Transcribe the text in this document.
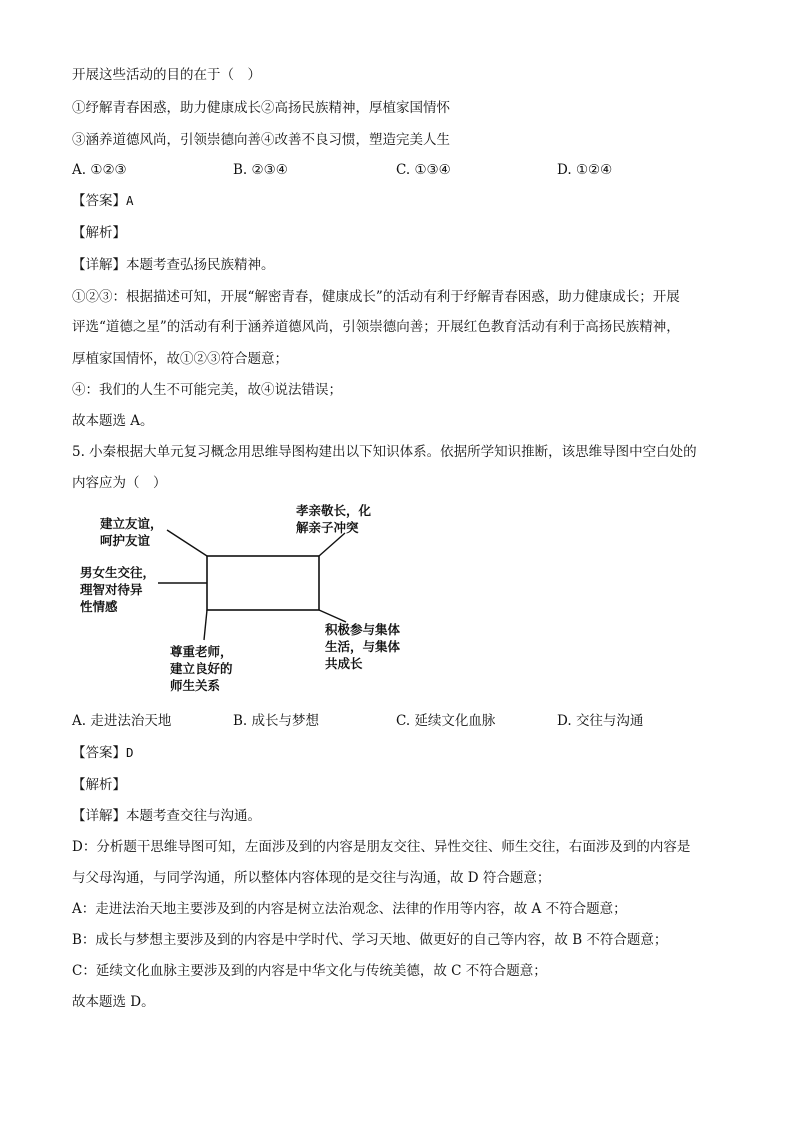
开展这些活动的目的在于（　）
①纾解青春困惑，助力健康成长②高扬民族精神，厚植家国情怀
③涵养道德风尚，引领崇德向善④改善不良习惯，塑造完美人生
A. ①②③	B. ②③④	C. ①③④	D. ①②④
【答案】A
【解析】
【详解】本题考查弘扬民族精神。
①②③：根据描述可知，开展“解密青春，健康成长”的活动有利于纾解青春困惑，助力健康成长；开展
评选“道德之星”的活动有利于涵养道德风尚，引领崇德向善；开展红色教育活动有利于高扬民族精神，
厚植家国情怀，故①②③符合题意；
④：我们的人生不可能完美，故④说法错误；
故本题选 A。
5. 小秦根据大单元复习概念用思维导图构建出以下知识体系。依据所学知识推断，该思维导图中空白处的
内容应为（　）
建立友谊，
呵护友谊
男女生交往，
理智对待异
性情感
尊重老师，
建立良好的
师生关系
孝亲敬长，化
解亲子冲突
积极参与集体
生活，与集体
共成长
A. 走进法治天地	B. 成长与梦想	C. 延续文化血脉	D. 交往与沟通
【答案】D
【解析】
【详解】本题考查交往与沟通。
D：分析题干思维导图可知，左面涉及到的内容是朋友交往、异性交往、师生交往，右面涉及到的内容是
与父母沟通，与同学沟通，所以整体内容体现的是交往与沟通，故 D 符合题意；
A：走进法治天地主要涉及到的内容是树立法治观念、法律的作用等内容，故 A 不符合题意；
B：成长与梦想主要涉及到的内容是中学时代、学习天地、做更好的自己等内容，故 B 不符合题意；
C：延续文化血脉主要涉及到的内容是中华文化与传统美德，故 C 不符合题意；
故本题选 D。
